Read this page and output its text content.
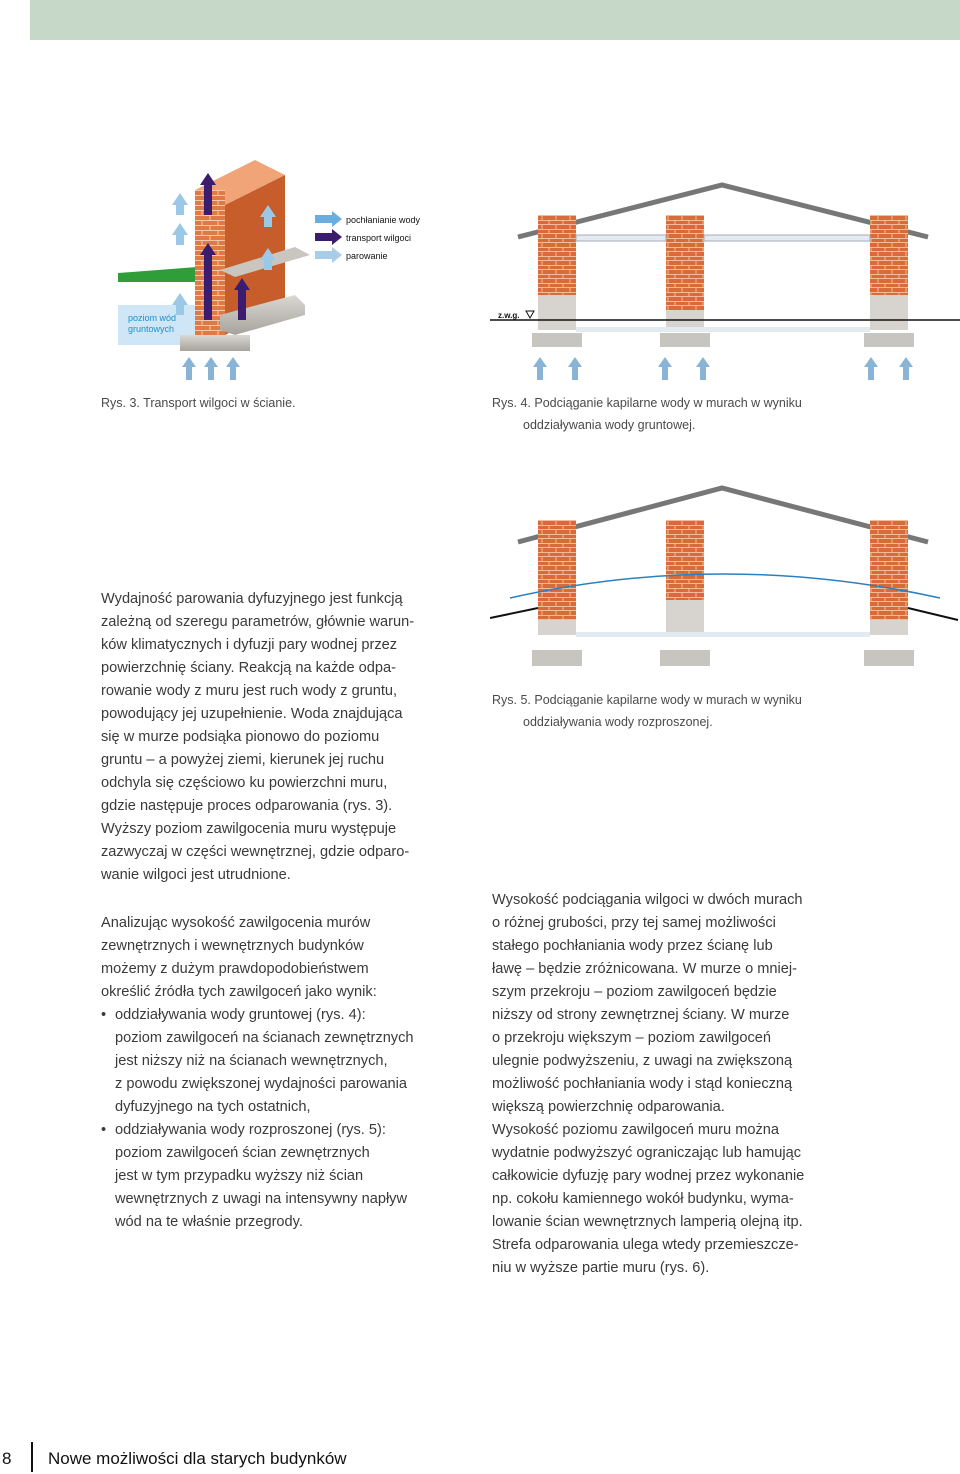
poziom wód
gruntowych
pochłanianie wody
transport wilgoci
parowanie
Rys. 3. Transport wilgoci w ścianie.
z.w.g.
Rys. 4. Podciąganie kapilarne wody w murach w wyniku
oddziaływania wody gruntowej.
Rys. 5. Podciąganie kapilarne wody w murach w wyniku
oddziaływania wody rozproszonej.
Wydajność parowania dyfuzyjnego jest funkcją
zależną od szeregu parametrów, głównie warun-
ków klimatycznych i dyfuzji pary wodnej przez
powierzchnię ściany. Reakcją na każde odpa-
rowanie wody z muru jest ruch wody z gruntu,
powodujący jej uzupełnienie. Woda znajdująca
się w murze podsiąka pionowo do poziomu
gruntu – a powyżej ziemi, kierunek jej ruchu
odchyla się częściowo ku powierzchni muru,
gdzie następuje proces odparowania (rys. 3).
Wyższy poziom zawilgocenia muru występuje
zazwyczaj w części wewnętrznej, gdzie odparo-
wanie wilgoci jest utrudnione.
Analizując wysokość zawilgocenia murów
zewnętrznych i wewnętrznych budynków
możemy z dużym prawdopodobieństwem
określić źródła tych zawilgoceń jako wynik:
• oddziaływania wody gruntowej (rys. 4):
poziom zawilgoceń na ścianach zewnętrznych
jest niższy niż na ścianach wewnętrznych,
z powodu zwiększonej wydajności parowania
dyfuzyjnego na tych ostatnich,
• oddziaływania wody rozproszonej (rys. 5):
poziom zawilgoceń ścian zewnętrznych
jest w tym przypadku wyższy niż ścian
wewnętrznych z uwagi na intensywny napływ
wód na te właśnie przegrody.
Wysokość podciągania wilgoci w dwóch murach
o różnej grubości, przy tej samej możliwości
stałego pochłaniania wody przez ścianę lub
ławę – będzie zróżnicowana. W murze o mniej-
szym przekroju – poziom zawilgoceń będzie
niższy od strony zewnętrznej ściany. W murze
o przekroju większym – poziom zawilgoceń
ulegnie podwyższeniu, z uwagi na zwiększoną
możliwość pochłaniania wody i stąd konieczną
większą powierzchnię odparowania.
Wysokość poziomu zawilgoceń muru można
wydatnie podwyższyć ograniczając lub hamując
całkowicie dyfuzję pary wodnej przez wykonanie
np. cokołu kamiennego wokół budynku, wyma-
lowanie ścian wewnętrznych lamperią olejną itp.
Strefa odparowania ulega wtedy przemieszcze-
niu w wyższe partie muru (rys. 6).
8 Nowe możliwości dla starych budynków
